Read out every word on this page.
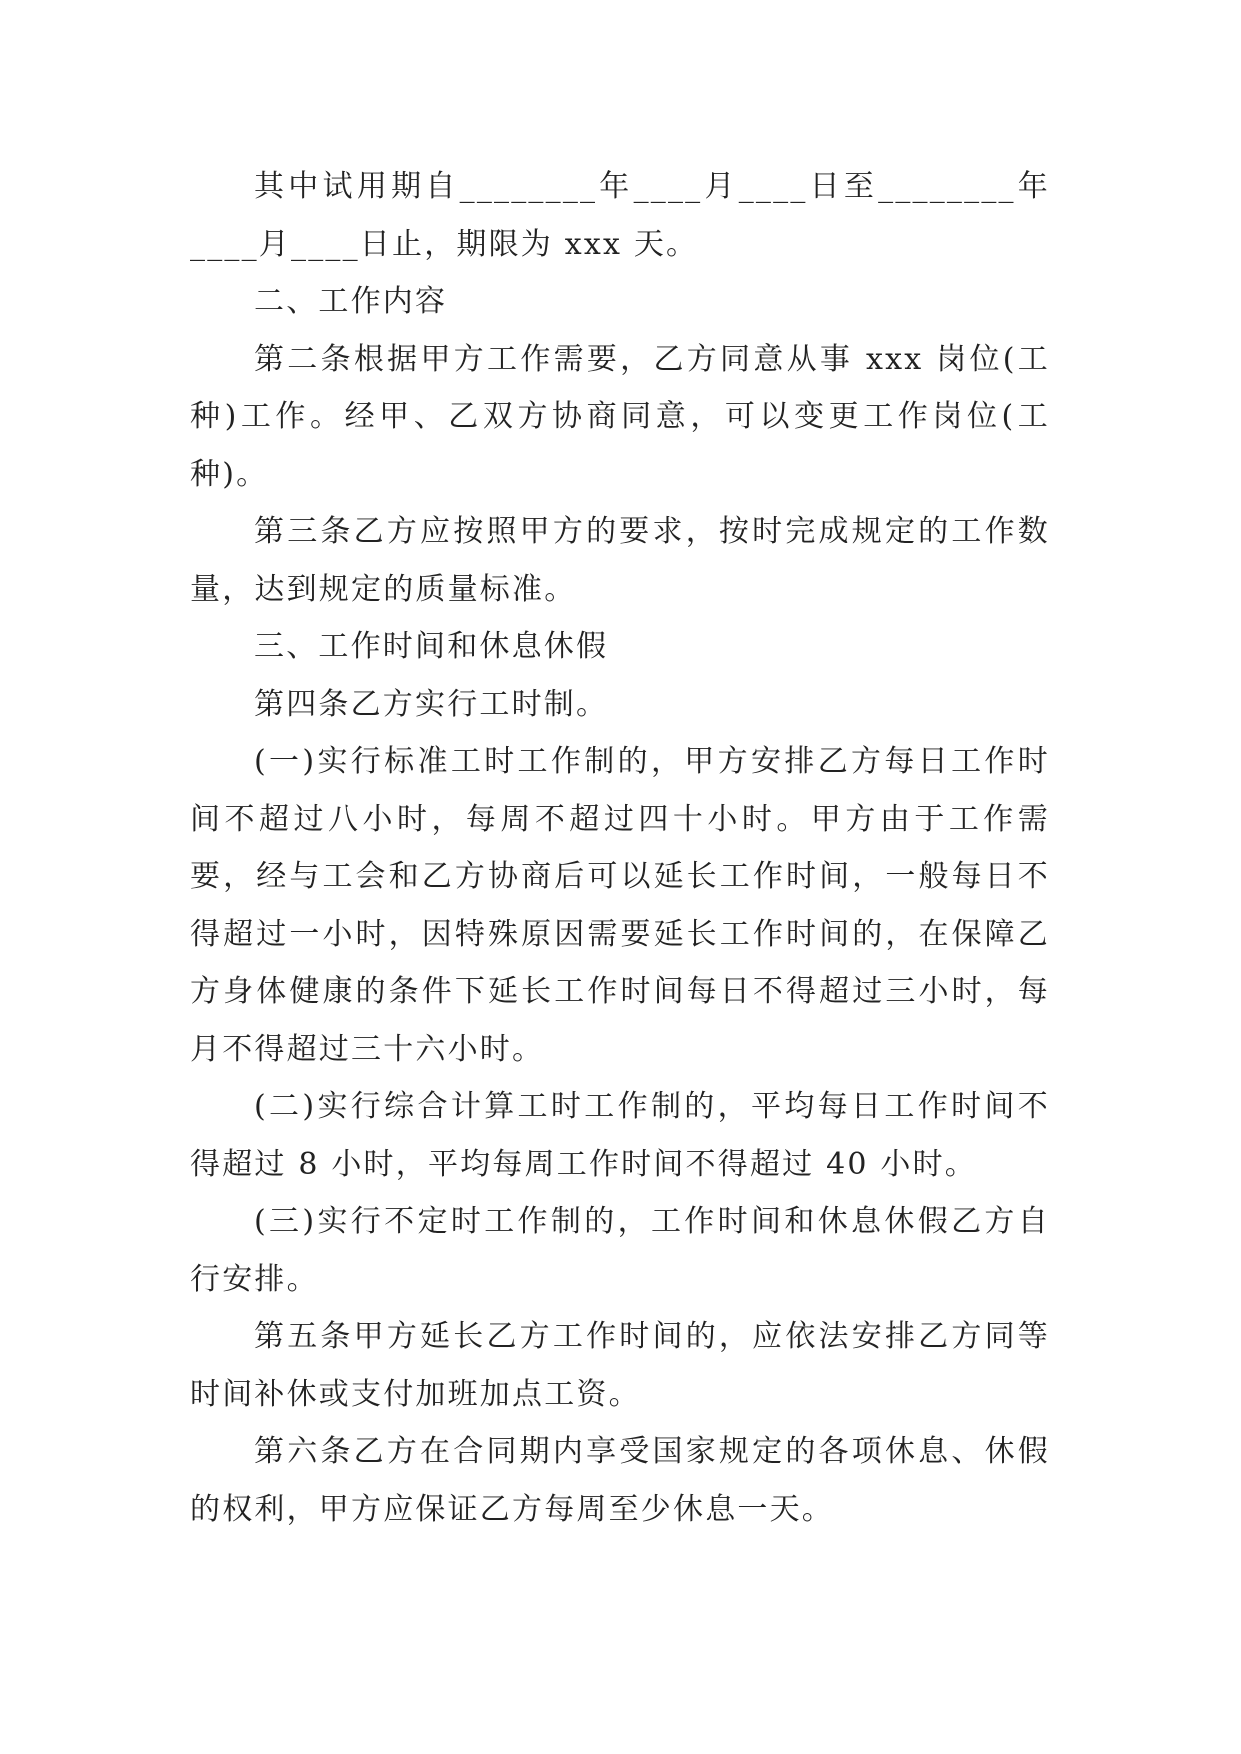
其中试用期自________年____月____日至________年____月____日止，期限为 xxx 天。

二、工作内容

第二条根据甲方工作需要，乙方同意从事 xxx 岗位(工种)工作。经甲、乙双方协商同意，可以变更工作岗位(工种)。

第三条乙方应按照甲方的要求，按时完成规定的工作数量，达到规定的质量标准。

三、工作时间和休息休假

第四条乙方实行工时制。

(一)实行标准工时工作制的，甲方安排乙方每日工作时间不超过八小时，每周不超过四十小时。甲方由于工作需要，经与工会和乙方协商后可以延长工作时间，一般每日不得超过一小时，因特殊原因需要延长工作时间的，在保障乙方身体健康的条件下延长工作时间每日不得超过三小时，每月不得超过三十六小时。

(二)实行综合计算工时工作制的，平均每日工作时间不得超过 8 小时，平均每周工作时间不得超过 40 小时。

(三)实行不定时工作制的，工作时间和休息休假乙方自行安排。

第五条甲方延长乙方工作时间的，应依法安排乙方同等时间补休或支付加班加点工资。

第六条乙方在合同期内享受国家规定的各项休息、休假的权利，甲方应保证乙方每周至少休息一天。
